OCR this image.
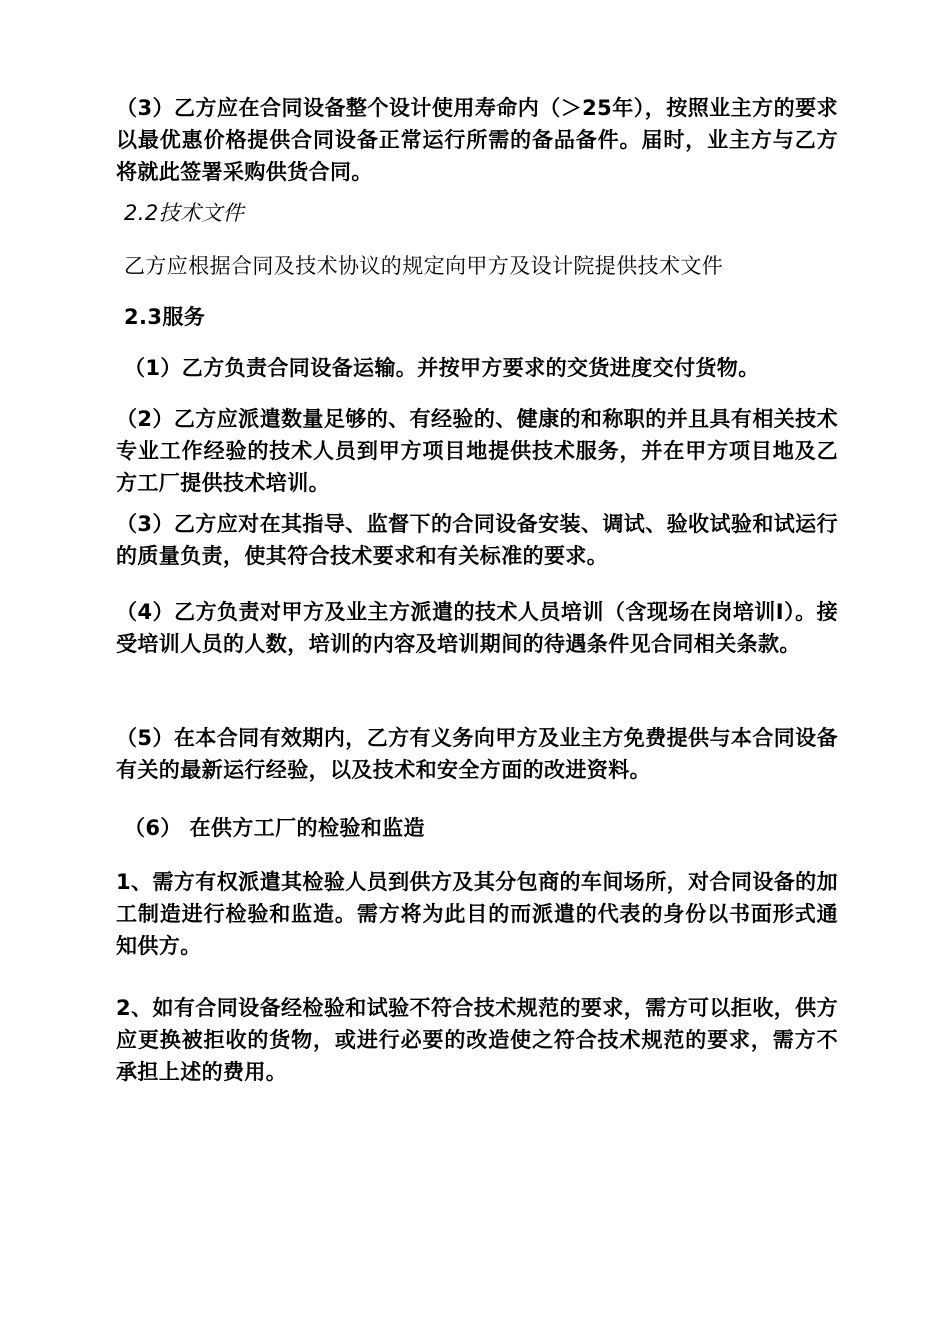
（3）乙方应在合同设备整个设计使用寿命内（＞25年），按照业主方的要求以最优惠价格提供合同设备正常运行所需的备品备件。届时，业主方与乙方将就此签署采购供货合同。

2.2技术文件

乙方应根据合同及技术协议的规定向甲方及设计院提供技术文件

2.3服务

（1）乙方负责合同设备运输。并按甲方要求的交货进度交付货物。

（2）乙方应派遣数量足够的、有经验的、健康的和称职的并且具有相关技术专业工作经验的技术人员到甲方项目地提供技术服务，并在甲方项目地及乙方工厂提供技术培训。

（3）乙方应对在其指导、监督下的合同设备安装、调试、验收试验和试运行的质量负责，使其符合技术要求和有关标准的要求。

（4）乙方负责对甲方及业主方派遣的技术人员培训（含现场在岗培训I）。接受培训人员的人数，培训的内容及培训期间的待遇条件见合同相关条款。

（5）在本合同有效期内，乙方有义务向甲方及业主方免费提供与本合同设备有关的最新运行经验，以及技术和安全方面的改进资料。

（6） 在供方工厂的检验和监造

1、需方有权派遣其检验人员到供方及其分包商的车间场所，对合同设备的加工制造进行检验和监造。需方将为此目的而派遣的代表的身份以书面形式通知供方。

2、如有合同设备经检验和试验不符合技术规范的要求，需方可以拒收，供方应更换被拒收的货物，或进行必要的改造使之符合技术规范的要求，需方不承担上述的费用。
